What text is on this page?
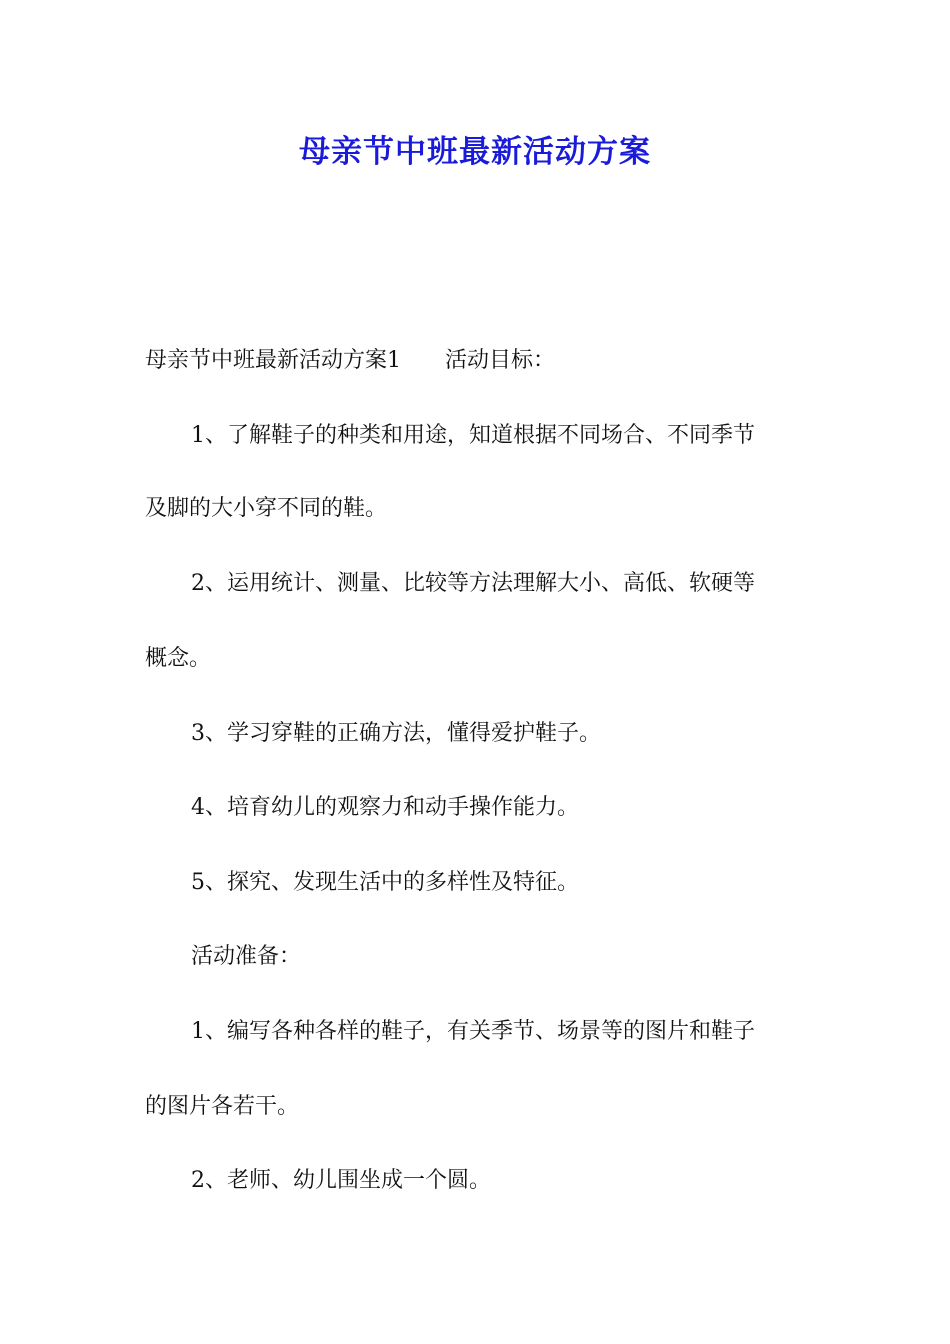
母亲节中班最新活动方案

母亲节中班最新活动方案1 活动目标：

1、了解鞋子的种类和用途，知道根据不同场合、不同季节

及脚的大小穿不同的鞋。

2、运用统计、测量、比较等方法理解大小、高低、软硬等

概念。

3、学习穿鞋的正确方法，懂得爱护鞋子。

4、培育幼儿的观察力和动手操作能力。

5、探究、发现生活中的多样性及特征。

活动准备：

1、编写各种各样的鞋子，有关季节、场景等的图片和鞋子

的图片各若干。

2、老师、幼儿围坐成一个圆。
